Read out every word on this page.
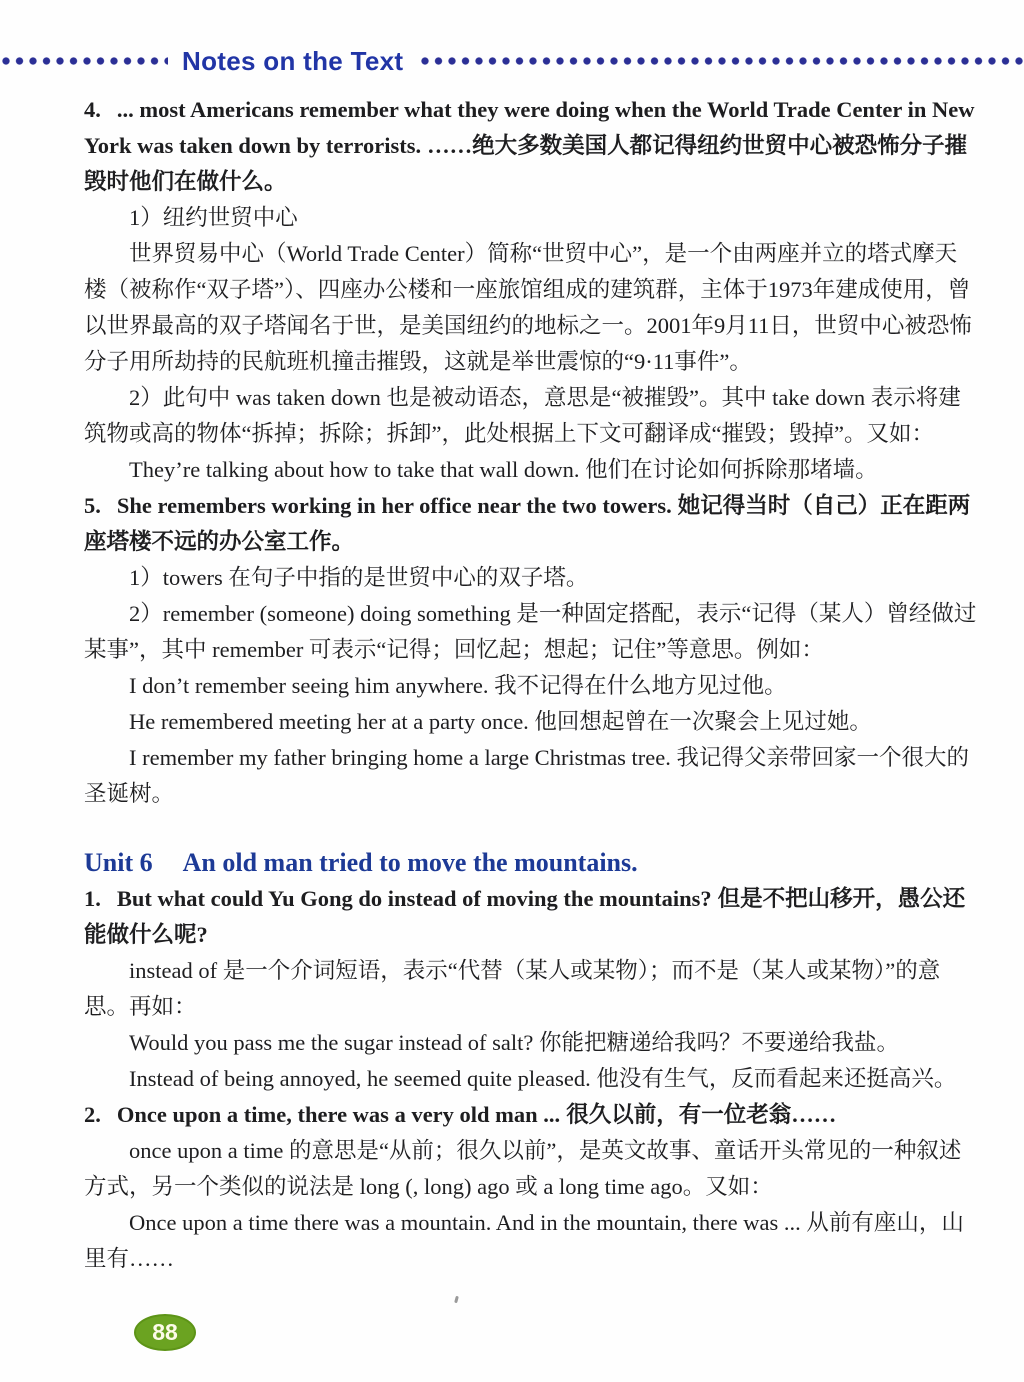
Notes on the Text

4. ... most Americans remember what they were doing when the World Trade Center in New York was taken down by terrorists. ……绝大多数美国人都记得纽约世贸中心被恐怖分子摧毁时他们在做什么。

1）纽约世贸中心

世界贸易中心（World Trade Center）简称“世贸中心”，是一个由两座并立的塔式摩天楼（被称作“双子塔”）、四座办公楼和一座旅馆组成的建筑群，主体于1973年建成使用，曾以世界最高的双子塔闻名于世，是美国纽约的地标之一。2001年9月11日，世贸中心被恐怖分子用所劫持的民航班机撞击摧毁，这就是举世震惊的“9·11事件”。

2）此句中 was taken down 也是被动语态，意思是“被摧毁”。其中 take down 表示将建筑物或高的物体“拆掉；拆除；拆卸”，此处根据上下文可翻译成“摧毁；毁掉”。又如：

They’re talking about how to take that wall down. 他们在讨论如何拆除那堵墙。

5. She remembers working in her office near the two towers. 她记得当时（自己）正在距两座塔楼不远的办公室工作。

1）towers 在句子中指的是世贸中心的双子塔。

2）remember (someone) doing something 是一种固定搭配，表示“记得（某人）曾经做过某事”，其中 remember 可表示“记得；回忆起；想起；记住”等意思。例如：

I don’t remember seeing him anywhere. 我不记得在什么地方见过他。

He remembered meeting her at a party once. 他回想起曾在一次聚会上见过她。

I remember my father bringing home a large Christmas tree. 我记得父亲带回家一个很大的圣诞树。

Unit 6 An old man tried to move the mountains.

1. But what could Yu Gong do instead of moving the mountains? 但是不把山移开，愚公还能做什么呢?

instead of 是一个介词短语，表示“代替（某人或某物）；而不是（某人或某物）”的意思。再如：

Would you pass me the sugar instead of salt? 你能把糖递给我吗？不要递给我盐。

Instead of being annoyed, he seemed quite pleased. 他没有生气，反而看起来还挺高兴。

2. Once upon a time, there was a very old man ... 很久以前，有一位老翁……

once upon a time 的意思是“从前；很久以前”，是英文故事、童话开头常见的一种叙述方式，另一个类似的说法是 long (, long) ago 或 a long time ago。又如：

Once upon a time there was a mountain. And in the mountain, there was ... 从前有座山，山里有……

88
